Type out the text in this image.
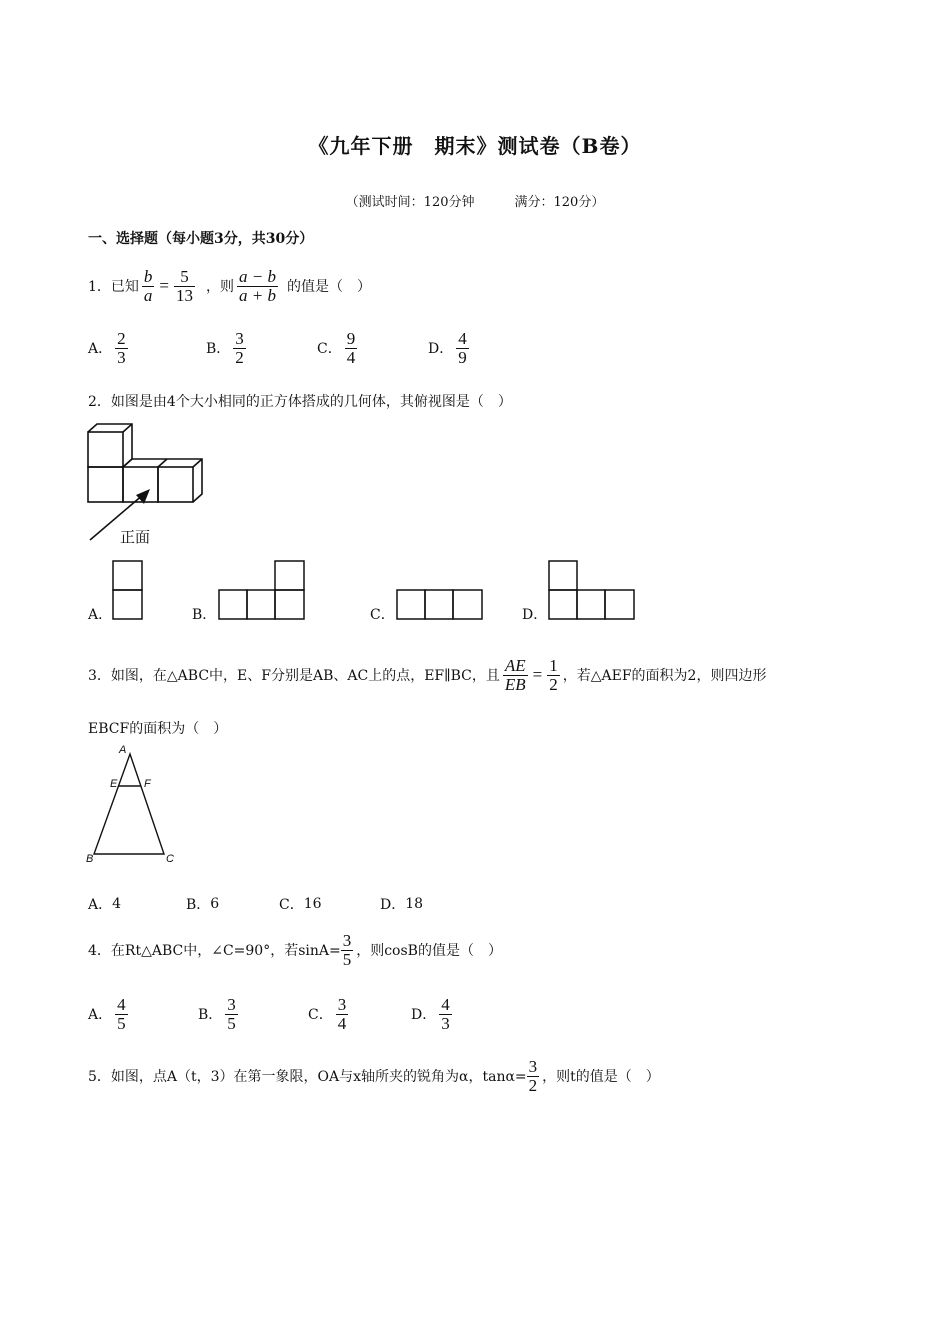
《九年下册　期末》测试卷（B卷）
（测试时间：120分钟	满分：120分）
一、选择题（每小题3分，共30分）
1．已知 $\frac{b}{a} = \frac{5}{13}$ ，则 $\frac{a - b}{a + b}$ 的值是（　）
A． $\frac{2}{3}$	B． $\frac{3}{2}$	C． $\frac{9}{4}$	D． $\frac{4}{9}$
2．如图是由4个大小相同的正方体搭成的几何体，其俯视图是（　）
正面
A．	B．	C．	D．
3．如图，在△ABC中，E、F分别是AB、AC上的点，EF∥BC，且 $\frac{AE}{EB} = \frac{1}{2}$ ，若△AEF的面积为2，则四边形
EBCF的面积为（　）
A
E F
B	C
A． 4	B． 6	C． 16	D． 18
4．在Rt△ABC中，∠C=90°，若$\sin A= \frac{3}{5}$ ，则cosB的值是（　）
A． $\frac{4}{5}$	B． $\frac{3}{5}$	C． $\frac{3}{4}$	D． $\frac{4}{3}$
5．如图，点A（t，3）在第一象限，OA与x轴所夹的锐角为α，$\tan\alpha= \frac{3}{2}$ ，则t的值是（　）
